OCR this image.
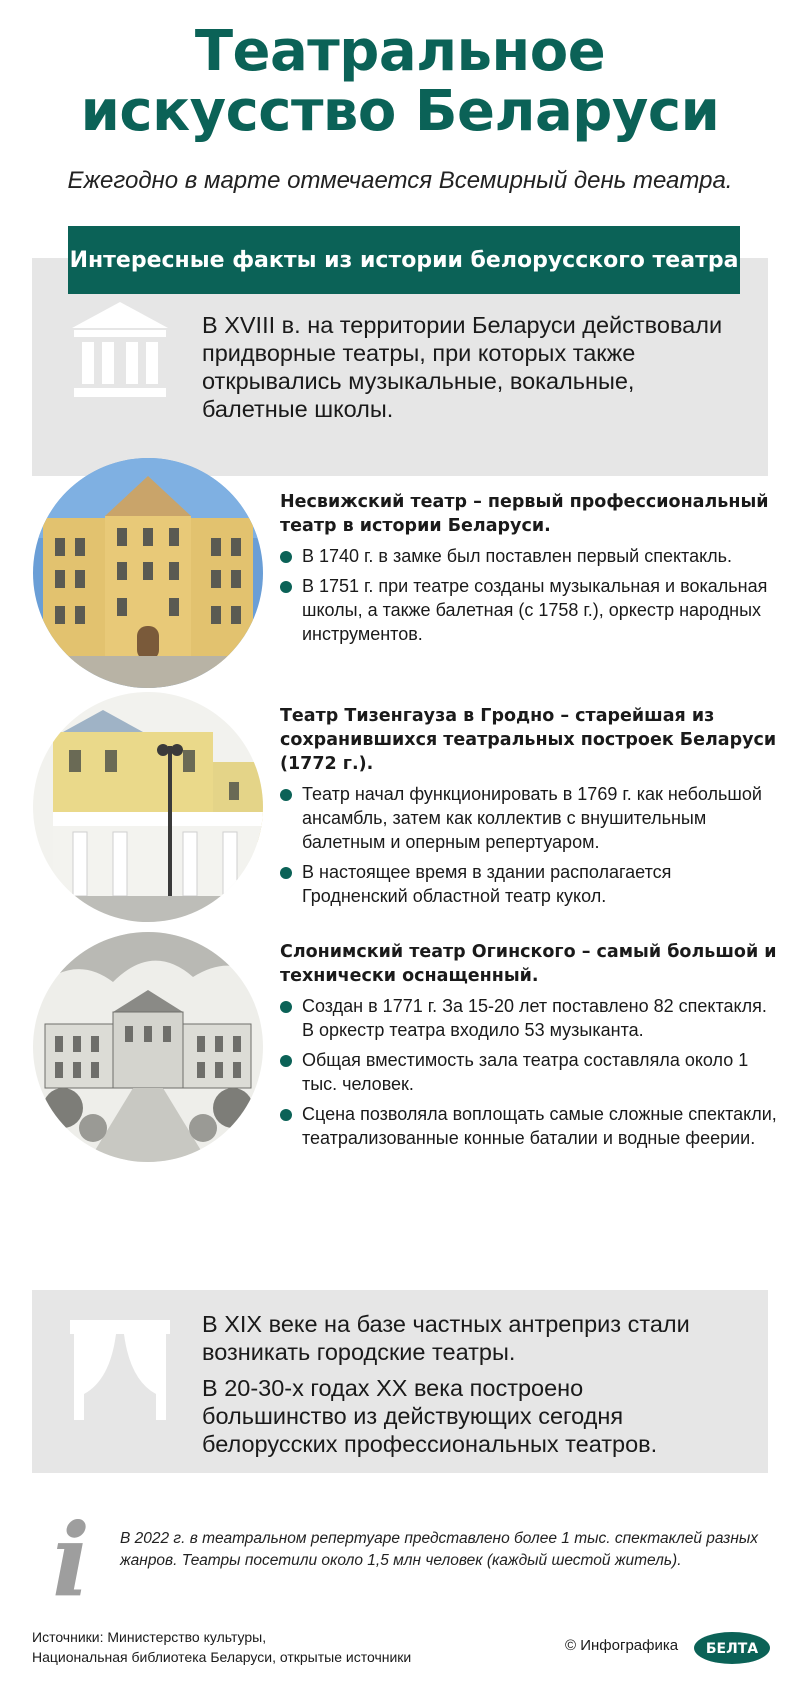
Театральное
искусство Беларуси
Ежегодно в марте отмечается Всемирный день театра.
Интересные факты из истории белорусского театра

В XVIII в. на территории Беларуси действовали придворные театры, при которых также открывались музыкальные, вокальные, балетные школы.

Несвижский театр – первый профессиональный театр в истории Беларуси.

В 1740 г. в замке был поставлен первый спектакль.
В 1751 г. при театре созданы музыкальная и вокальная школы, а также балетная (с 1758 г.), оркестр народных инструментов.

Театр Тизенгауза в Гродно – старейшая из сохранившихся театральных построек Беларуси (1772 г.).

Театр начал функционировать в 1769 г. как небольшой ансамбль, затем как коллектив с внушительным балетным и оперным репертуаром.
В настоящее время в здании располагается Гродненский областной театр кукол.

Слонимский театр Огинского – самый большой и технически оснащенный.

Создан в 1771 г. За 15-20 лет поставлено 82 спектакля. В оркестр театра входило 53 музыканта.
Общая вместимость зала театра составляла около 1 тыс. человек.
Сцена позволяла воплощать самые сложные спектакли, театрализованные конные баталии и водные феерии.

В XIX веке на базе частных антреприз стали возникать городские театры.

В 20-30-х годах XX века построено большинство из действующих сегодня белорусских профессиональных театров.

i В 2022 г. в театральном репертуаре представлено более 1 тыс. спектаклей разных жанров. Театры посетили около 1,5 млн человек (каждый шестой житель).
Источники: Министерство культуры,
Национальная библиотека Беларуси, открытые источники
© Инфографика БЕЛТА
